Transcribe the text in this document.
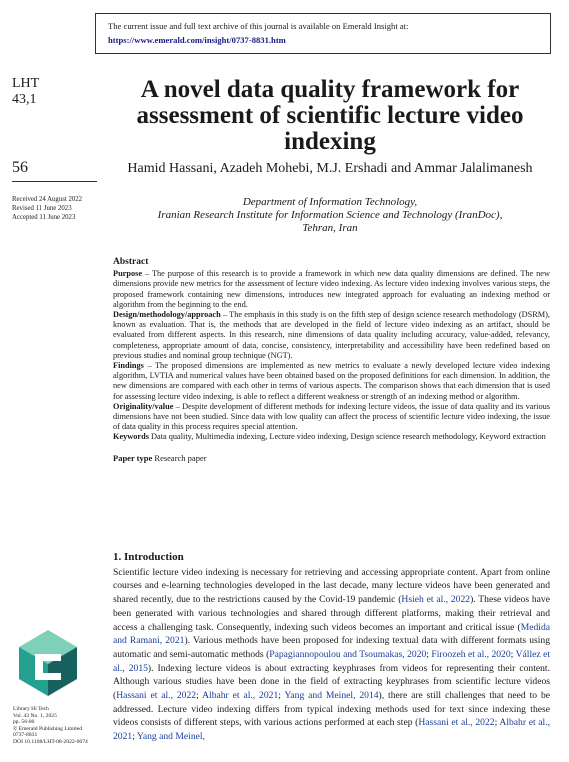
The current issue and full text archive of this journal is available on Emerald Insight at:
https://www.emerald.com/insight/0737-8831.htm
LHT
43,1
56
Received 24 August 2022
Revised 11 June 2023
Accepted 11 June 2023
A novel data quality framework for assessment of scientific lecture video indexing
Hamid Hassani, Azadeh Mohebi, M.J. Ershadi and Ammar Jalalimanesh
Department of Information Technology,
Iranian Research Institute for Information Science and Technology (IranDoc),
Tehran, Iran
Abstract

Purpose – The purpose of this research is to provide a framework in which new data quality dimensions are defined. The new dimensions provide new metrics for the assessment of lecture video indexing. As lecture video indexing involves various steps, the proposed framework containing new dimensions, introduces new integrated approach for evaluating an indexing method or algorithm from the beginning to the end.

Design/methodology/approach – The emphasis in this study is on the fifth step of design science research methodology (DSRM), known as evaluation. That is, the methods that are developed in the field of lecture video indexing as an artifact, should be evaluated from different aspects. In this research, nine dimensions of data quality including accuracy, value-added, relevancy, completeness, appropriate amount of data, concise, consistency, interpretability and accessibility have been redefined based on previous studies and nominal group technique (NGT).

Findings – The proposed dimensions are implemented as new metrics to evaluate a newly developed lecture video indexing algorithm, LVTIA and numerical values have been obtained based on the proposed definitions for each dimension. In addition, the new dimensions are compared with each other in terms of various aspects. The comparison shows that each dimension that is used for assessing lecture video indexing, is able to reflect a different weakness or strength of an indexing method or algorithm.

Originality/value – Despite development of different methods for indexing lecture videos, the issue of data quality and its various dimensions have not been studied. Since data with low quality can affect the process of scientific lecture video indexing, the issue of data quality in this process requires special attention.

Keywords Data quality, Multimedia indexing, Lecture video indexing, Design science research methodology, Keyword extraction

Paper type Research paper

1. Introduction

Scientific lecture video indexing is necessary for retrieving and accessing appropriate content. Apart from online courses and e-learning technologies developed in the last decade, many lecture videos have been generated and shared recently, due to the restrictions caused by the Covid-19 pandemic (Hsieh et al., 2022). These videos have been generated with various technologies and shared through different platforms, making their retrieval and access a challenging task. Consequently, indexing such videos becomes an important and critical issue (Medida and Ramani, 2021). Various methods have been proposed for indexing textual data with different formats using automatic and semi-automatic methods (Papagiannopoulou and Tsoumakas, 2020; Firoozeh et al., 2020; Vállez et al., 2015). Indexing lecture videos is about extracting keyphrases from videos for representing their content. Although various studies have been done in the field of extracting keyphrases from scientific lecture videos (Hassani et al., 2022; Albahr et al., 2021; Yang and Meinel, 2014), there are still challenges that need to be addressed. Lecture video indexing differs from typical indexing methods used for text since indexing these videos consists of different steps, with various actions performed at each step (Hassani et al., 2022; Albahr et al., 2021; Yang and Meinel,

Library Hi Tech
Vol. 43 No. 1, 2025
pp. 56-80
© Emerald Publishing Limited
0737-8831
DOI 10.1108/LHT-08-2022-0674
